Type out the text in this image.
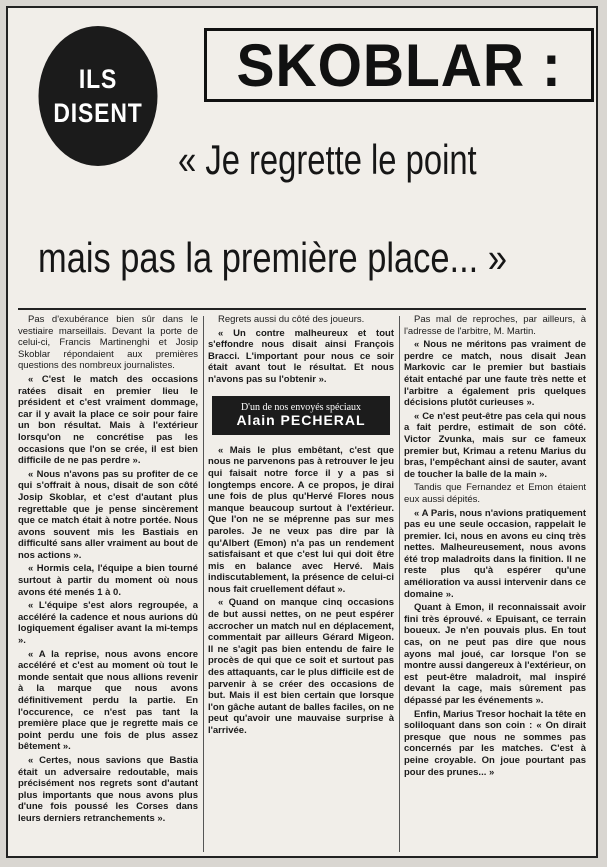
ILS
DISENT
SKOBLAR :
« Je regrette le point
mais pas la première place... »

Pas d'exubérance bien sûr dans le vestiaire marseillais. Devant la porte de celui-ci, Francis Martinenghi et Josip Skoblar répondaient aux premières questions des nombreux journalistes.

« C'est le match des occasions ratées disait en premier lieu le président et c'est vraiment dommage, car il y avait la place ce soir pour faire un bon résultat. Mais à l'extérieur lorsqu'on ne concrétise pas les occasions que l'on se crée, il est bien difficile de ne pas perdre ».

« Nous n'avons pas su profiter de ce qui s'offrait à nous, disait de son côté Josip Skoblar, et c'est d'autant plus regrettable que je pense sincèrement que ce match était à notre portée. Nous avons souvent mis les Bastiais en difficulté sans aller vraiment au bout de nos actions ».

« Hormis cela, l'équipe a bien tourné surtout à partir du moment où nous avons été menés 1 à 0.

« L'équipe s'est alors regroupée, a accéléré la cadence et nous aurions dû logiquement égaliser avant la mi-temps ».

« A la reprise, nous avons encore accéléré et c'est au moment où tout le monde sentait que nous allions revenir à la marque que nous avons définitivement perdu la partie. En l'occurence, ce n'est pas tant la première place que je regrette mais ce point perdu une fois de plus assez bêtement ».

« Certes, nous savions que Bastia était un adversaire redoutable, mais précisément nos regrets sont d'autant plus importants que nous avons plus d'une fois poussé les Corses dans leurs derniers retranchements ».

Regrets aussi du côté des joueurs.

« Un contre malheureux et tout s'effondre nous disait ainsi François Bracci. L'important pour nous ce soir était avant tout le résultat. Et nous n'avons pas su l'obtenir ».

D'un de nos envoyés spéciaux
Alain PECHERAL

« Mais le plus embêtant, c'est que nous ne parvenons pas à retrouver le jeu qui faisait notre force il y a pas si longtemps encore. A ce propos, je dirai une fois de plus qu'Hervé Flores nous manque beaucoup surtout à l'extérieur. Que l'on ne se méprenne pas sur mes paroles. Je ne veux pas dire par là qu'Albert (Emon) n'a pas un rendement satisfaisant et que c'est lui qui doit être mis en balance avec Hervé. Mais indiscutablement, la présence de celui-ci nous fait cruellement défaut ».

« Quand on manque cinq occasions de but aussi nettes, on ne peut espérer accrocher un match nul en déplacement, commentait par ailleurs Gérard Migeon. Il ne s'agit pas bien entendu de faire le procès de qui que ce soit et surtout pas des attaquants, car le plus difficile est de parvenir à se créer des occasions de but. Mais il est bien certain que lorsque l'on gâche autant de balles faciles, on ne peut qu'avoir une mauvaise surprise à l'arrivée.

Pas mal de reproches, par ailleurs, à l'adresse de l'arbitre, M. Martin.

« Nous ne méritons pas vraiment de perdre ce match, nous disait Jean Markovic car le premier but bastiais était entaché par une faute très nette et l'arbitre a également pris quelques décisions plutôt curieuses ».

« Ce n'est peut-être pas cela qui nous a fait perdre, estimait de son côté. Victor Zvunka, mais sur ce fameux premier but, Krimau a retenu Marius du bras, l'empêchant ainsi de sauter, avant de toucher la balle de la main ».

Tandis que Fernandez et Emon étaient eux aussi dépités.

« A Paris, nous n'avions pratiquement pas eu une seule occasion, rappelait le premier. Ici, nous en avons eu cinq très nettes. Malheureusement, nous avons été trop maladroits dans la finition. Il ne reste plus qu'à espérer qu'une amélioration va aussi intervenir dans ce domaine ».

Quant à Emon, il reconnaissait avoir fini très éprouvé. « Epuisant, ce terrain boueux. Je n'en pouvais plus. En tout cas, on ne peut pas dire que nous ayons mal joué, car lorsque l'on se montre aussi dangereux à l'extérieur, on est peut-être maladroit, mal inspiré devant la cage, mais sûrement pas dépassé par les événements ».

Enfin, Marius Tresor hochait la tête en soliloquant dans son coin : « On dirait presque que nous ne sommes pas concernés par les matches. C'est à peine croyable. On joue pourtant pas pour des prunes... »
